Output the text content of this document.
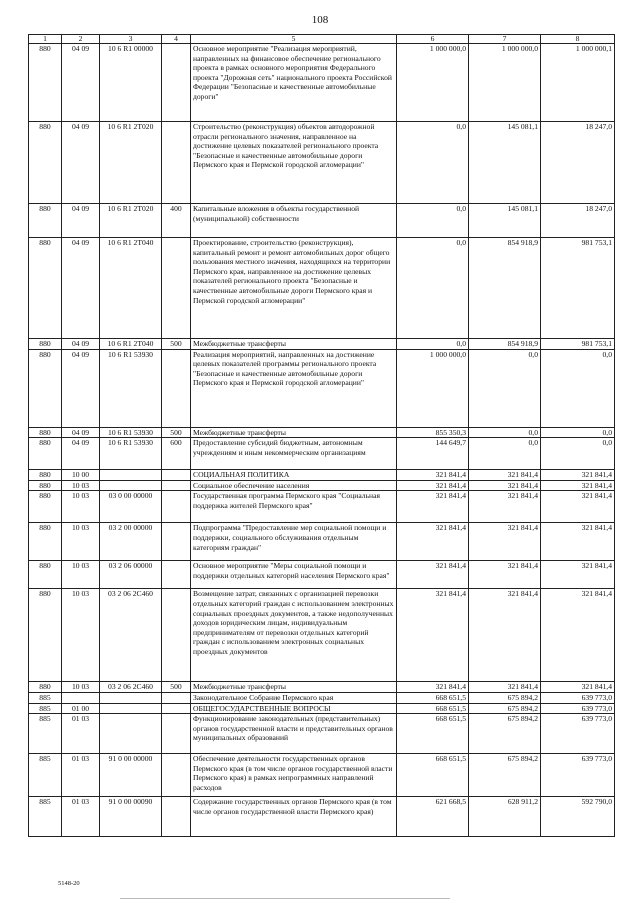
108
1	2	3	4	5	6	7	8
880	04 09	10 6 R1 00000		Основное мероприятие "Реализация мероприятий, направленных на финансовое обеспечение регионального проекта в рамках основного мероприятия Федерального проекта "Дорожная сеть" национального проекта Российской Федерации "Безопасные и качественные автомобильные дороги"	1 000 000,0	1 000 000,0	1 000 000,1
880	04 09	10 6 R1 2T020		Строительство (реконструкция) объектов автодорожной отрасли регионального значения, направленное на достижение целевых показателей регионального проекта "Безопасные и качественные автомобильные дороги Пермского края и Пермской городской агломерации"	0,0	145 081,1	18 247,0
880	04 09	10 6 R1 2T020	400	Капитальные вложения в объекты государственной (муниципальной) собственности	0,0	145 081,1	18 247,0
880	04 09	10 6 R1 2T040		Проектирование, строительство (реконструкция), капитальный ремонт и ремонт автомобильных дорог общего пользования местного значения, находящихся на территории Пермского края, направленное на достижение целевых показателей регионального проекта "Безопасные и качественные автомобильные дороги Пермского края и Пермской городской агломерации"	0,0	854 918,9	981 753,1
880	04 09	10 6 R1 2T040	500	Межбюджетные трансферты	0,0	854 918,9	981 753,1
880	04 09	10 6 R1 53930		Реализация мероприятий, направленных на достижение целевых показателей программы регионального проекта "Безопасные и качественные автомобильные дороги Пермского края и Пермской городской агломерации"	1 000 000,0	0,0	0,0
880	04 09	10 6 R1 53930	500	Межбюджетные трансферты	855 350,3	0,0	0,0
880	04 09	10 6 R1 53930	600	Предоставление субсидий бюджетным, автономным учреждениям и иным некоммерческим организациям	144 649,7	0,0	0,0
880	10 00			СОЦИАЛЬНАЯ ПОЛИТИКА	321 841,4	321 841,4	321 841,4
880	10 03			Социальное обеспечение населения	321 841,4	321 841,4	321 841,4
880	10 03	03 0 00 00000		Государственная программа Пермского края "Социальная поддержка жителей Пермского края"	321 841,4	321 841,4	321 841,4
880	10 03	03 2 00 00000		Подпрограмма "Предоставление мер социальной помощи и поддержки, социального обслуживания отдельным категориям граждан"	321 841,4	321 841,4	321 841,4
880	10 03	03 2 06 00000		Основное мероприятие "Меры социальной помощи и поддержки отдельных категорий населения Пермского края"	321 841,4	321 841,4	321 841,4
880	10 03	03 2 06 2C460		Возмещение затрат, связанных с организацией перевозки отдельных категорий граждан с использованием электронных социальных проездных документов, а также недополученных доходов юридическим лицам, индивидуальным предпринимателям от перевозки отдельных категорий граждан с использованием электронных социальных проездных документов	321 841,4	321 841,4	321 841,4
880	10 03	03 2 06 2C460	500	Межбюджетные трансферты	321 841,4	321 841,4	321 841,4
885				Законодательное Собрание Пермского края	668 651,5	675 894,2	639 773,0
885	01 00			ОБЩЕГОСУДАРСТВЕННЫЕ ВОПРОСЫ	668 651,5	675 894,2	639 773,0
885	01 03			Функционирование законодательных (представительных) органов государственной власти и представительных органов муниципальных образований	668 651,5	675 894,2	639 773,0
885	01 03	91 0 00 00000		Обеспечение деятельности государственных органов Пермского края (в том числе органов государственной власти Пермского края) в рамках непрограммных направлений расходов	668 651,5	675 894,2	639 773,0
885	01 03	91 0 00 00090		Содержание государственных органов Пермского края (в том числе органов государственной власти Пермского края)	621 668,5	628 911,2	592 790,0
5148-20
